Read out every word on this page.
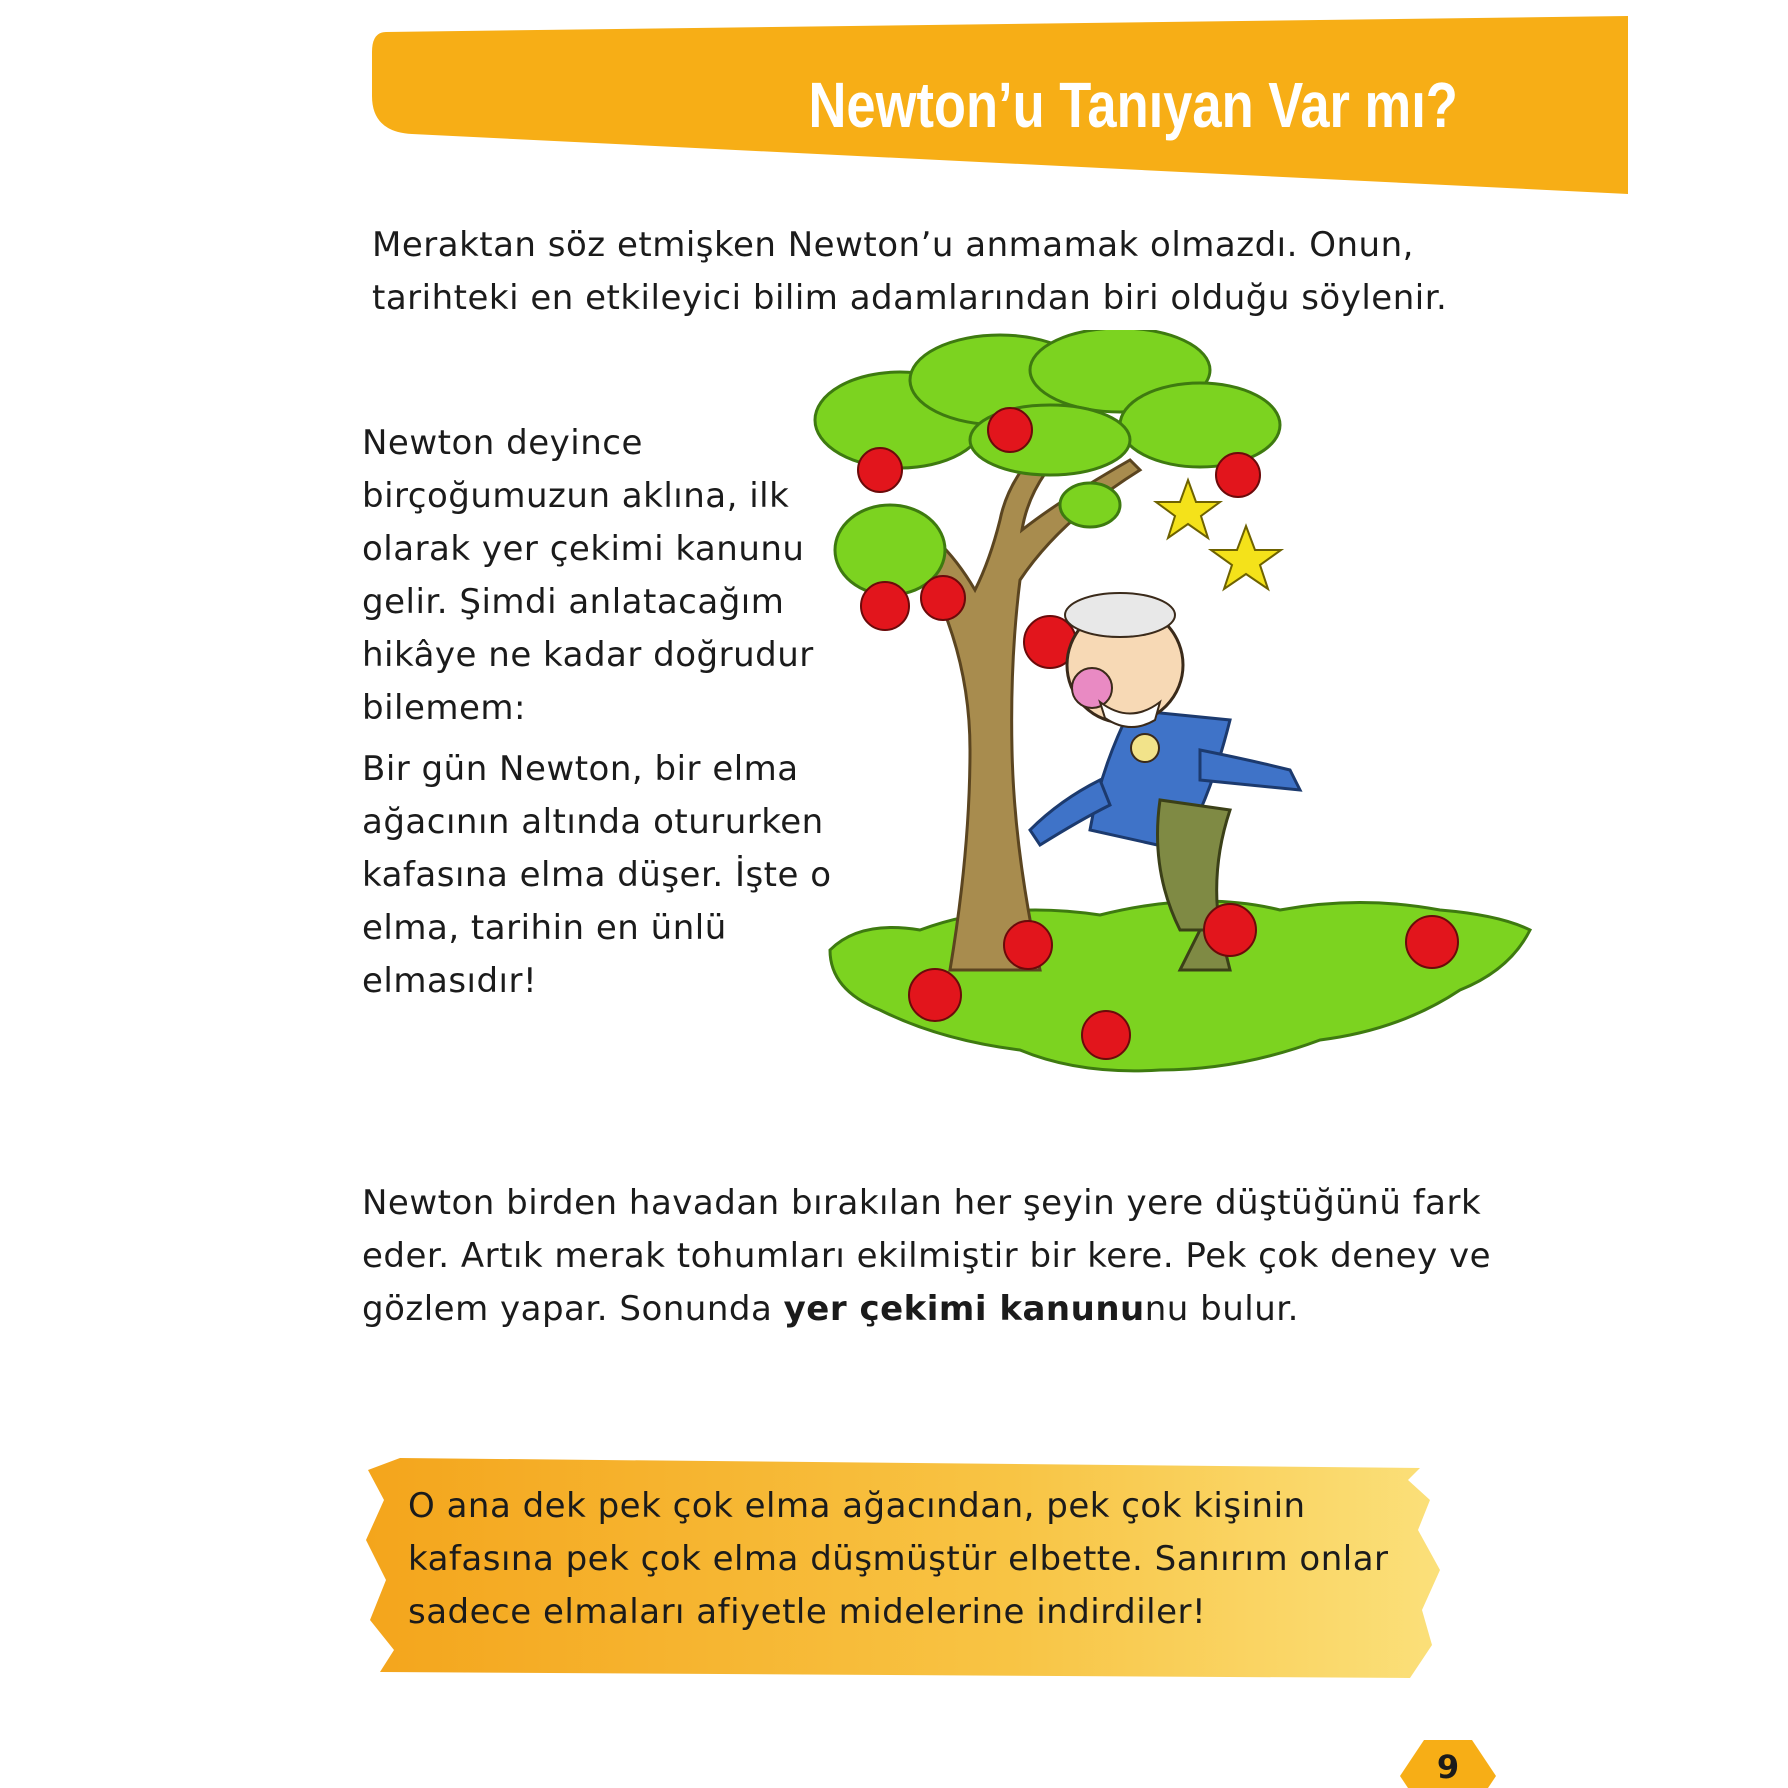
Newton’u Tanıyan Var mı?

Meraktan söz etmişken Newton’u anmamak olmazdı. Onun, tarihteki en etkileyici bilim adamlarından biri olduğu söylenir.

Newton deyince birçoğumuzun aklına, ilk olarak yer çekimi kanunu gelir. Şimdi anlatacağım hikâye ne kadar doğrudur bilemem:

Bir gün Newton, bir elma ağacının altında otururken kafasına elma düşer. İşte o elma, tarihin en ünlü elmasıdır!

Newton birden havadan bırakılan her şeyin yere düştüğünü fark eder. Artık merak tohumları ekilmiştir bir kere. Pek çok deney ve gözlem yapar. Sonunda yer çekimi kanununu bulur.

O ana dek pek çok elma ağacından, pek çok kişinin kafasına pek çok elma düşmüştür elbette. Sanırım onlar sadece elmaları afiyetle midelerine indirdiler!
9
